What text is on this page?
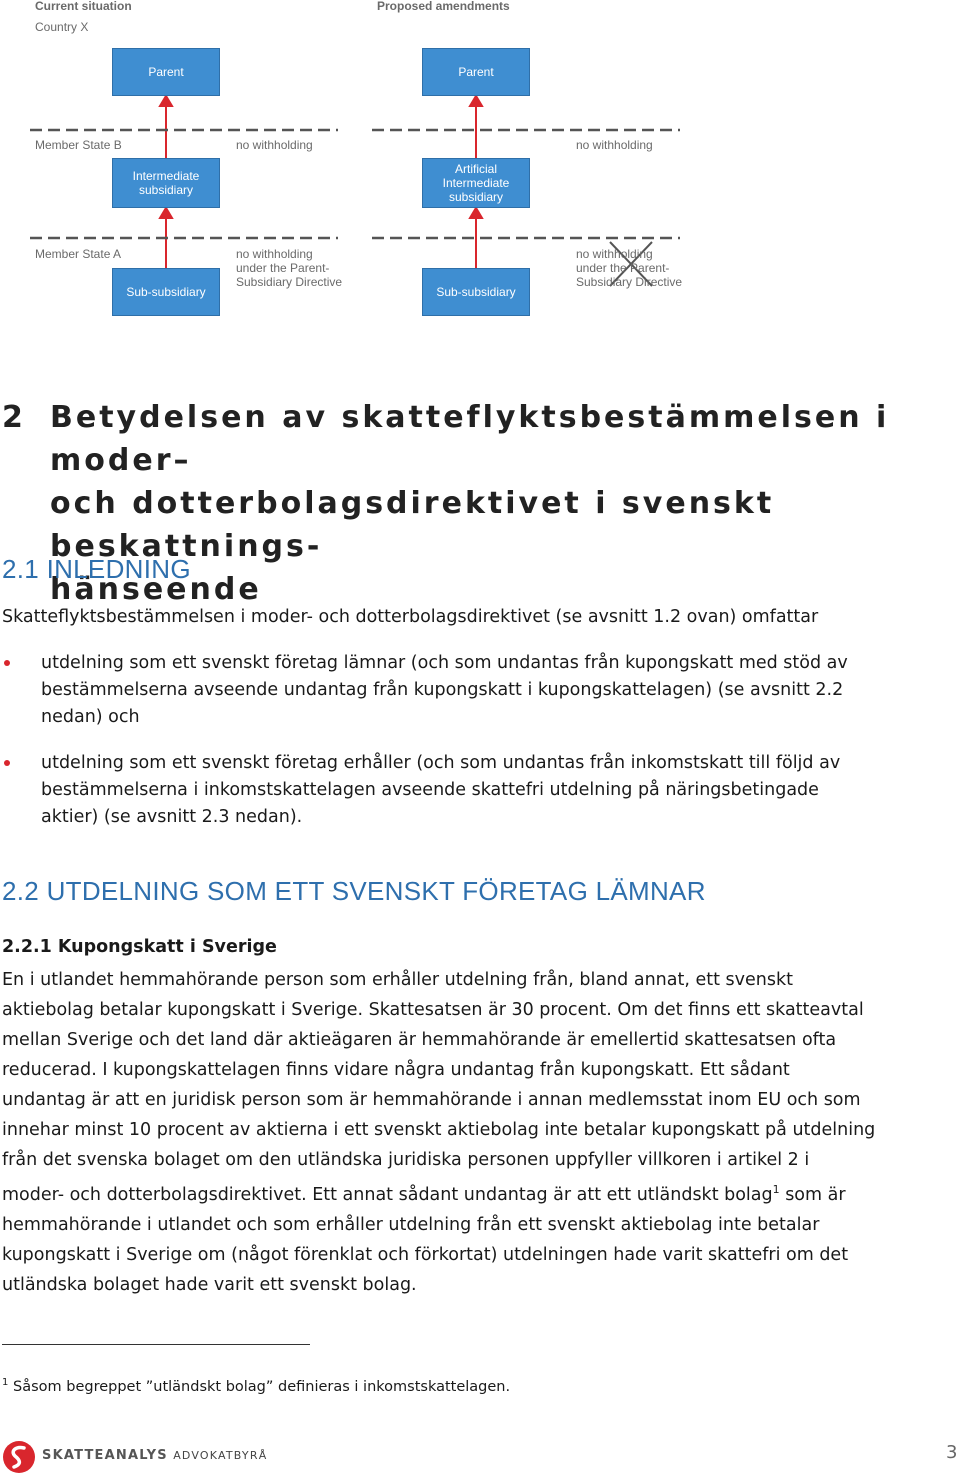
Current situation
Country X
Proposed amendments
Parent	Parent
Member State B	no withholding	no withholding
Intermediate
subsidiary
Artificial
Intermediate
subsidiary
Member State A	no withholding
under the Parent-
Subsidiary Directive
no withholding
under the Parent-
Subsidiary Directive
Sub-subsidiary	Sub-subsidiary
2 Betydelsen av skatteflyktsbestämmelsen i moder–
och dotterbolagsdirektivet i svenskt beskattnings-
hänseende
2.1 INLEDNING
Skatteflyktsbestämmelsen i moder- och dotterbolagsdirektivet (se avsnitt 1.2 ovan) omfattar
utdelning som ett svenskt företag lämnar (och som undantas från kupongskatt med stöd av
bestämmelserna avseende undantag från kupongskatt i kupongskattelagen) (se avsnitt 2.2
nedan) och
utdelning som ett svenskt företag erhåller (och som undantas från inkomstskatt till följd av
bestämmelserna i inkomstskattelagen avseende skattefri utdelning på näringsbetingade
aktier) (se avsnitt 2.3 nedan).
2.2 UTDELNING SOM ETT SVENSKT FÖRETAG LÄMNAR
2.2.1 Kupongskatt i Sverige
En i utlandet hemmahörande person som erhåller utdelning från, bland annat, ett svenskt
aktiebolag betalar kupongskatt i Sverige. Skattesatsen är 30 procent. Om det finns ett skatteavtal
mellan Sverige och det land där aktieägaren är hemmahörande är emellertid skattesatsen ofta
reducerad. I kupongskattelagen finns vidare några undantag från kupongskatt. Ett sådant
undantag är att en juridisk person som är hemmahörande i annan medlemsstat inom EU och som
innehar minst 10 procent av aktierna i ett svenskt aktiebolag inte betalar kupongskatt på utdelning
från det svenska bolaget om den utländska juridiska personen uppfyller villkoren i artikel 2 i
moder- och dotterbolagsdirektivet. Ett annat sådant undantag är att ett utländskt bolag$^1$ som är
hemmahörande i utlandet och som erhåller utdelning från ett svenskt aktiebolag inte betalar
kupongskatt i Sverige om (något förenklat och förkortat) utdelningen hade varit skattefri om det
utländska bolaget hade varit ett svenskt bolag.
$^1$ Såsom begreppet ”utländskt bolag” definieras i inkomstskattelagen.
SKATTEANALYS ADVOKATBYRÅ	3
